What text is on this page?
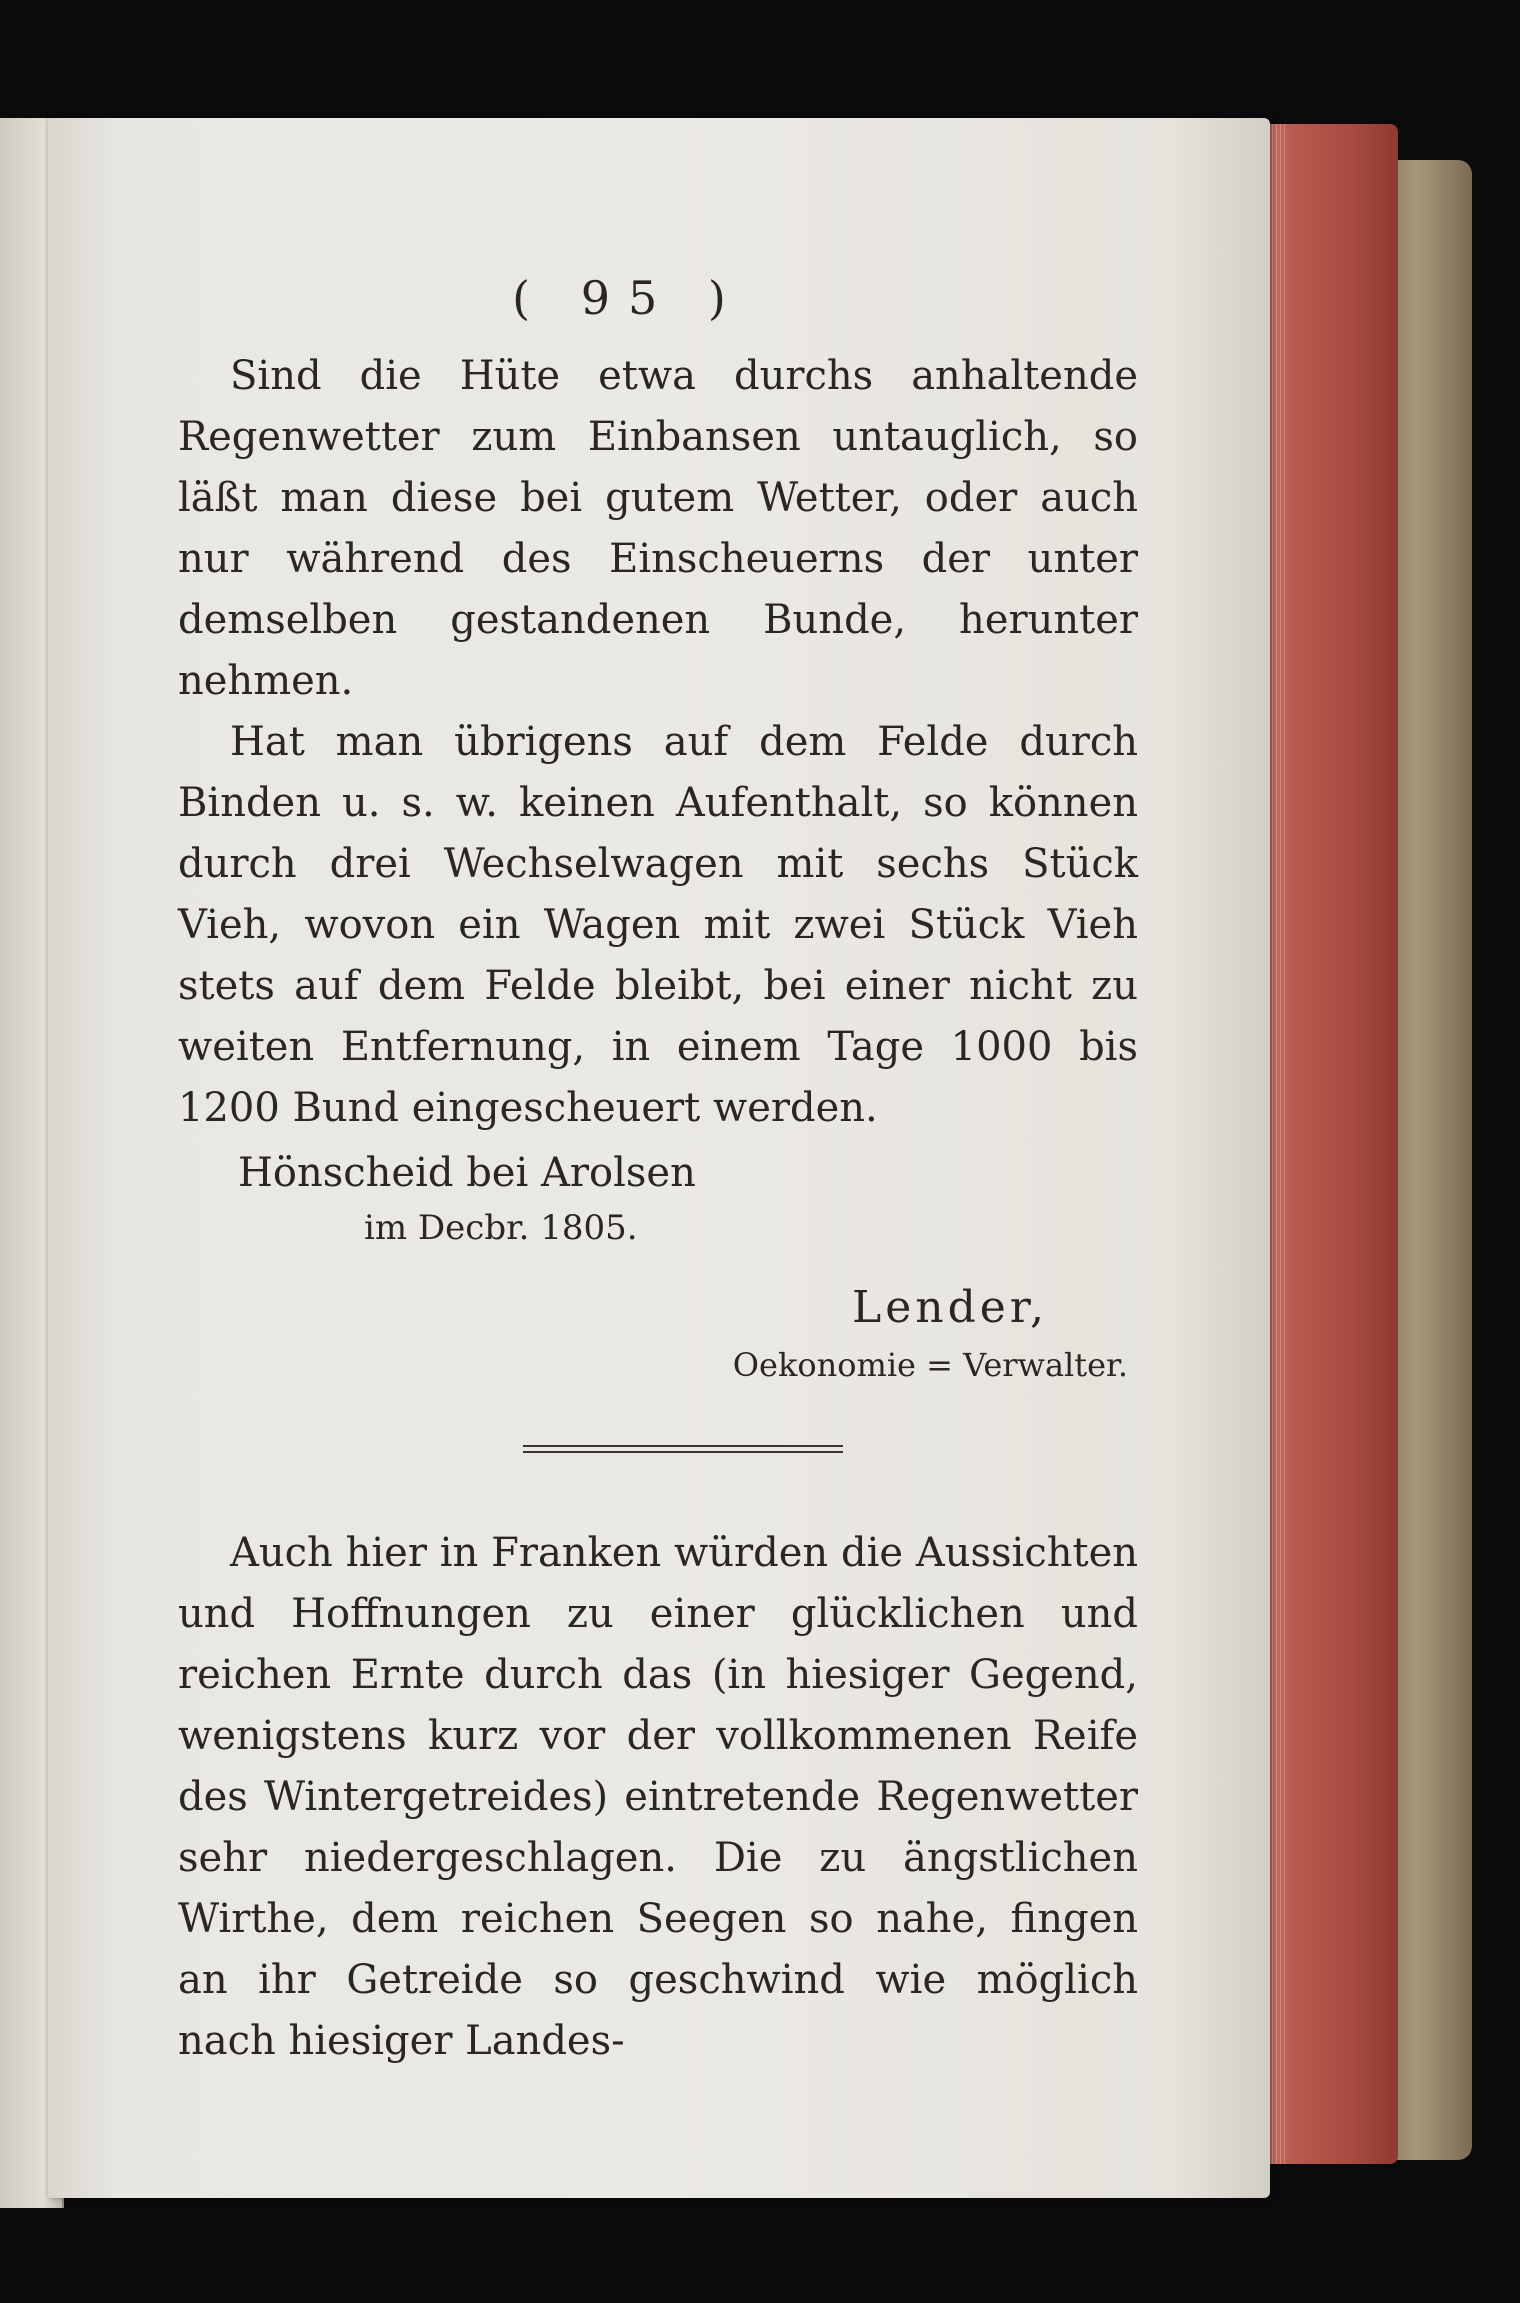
( 95 )

Sind die Hüte etwa durchs anhaltende Regenwetter zum Einbansen untauglich, so läßt man diese bei gutem Wetter, oder auch nur während des Einscheuerns der unter demselben gestandenen Bunde, herunter nehmen.

Hat man übrigens auf dem Felde durch Binden u. s. w. keinen Aufenthalt, so können durch drei Wechselwagen mit sechs Stück Vieh, wovon ein Wagen mit zwei Stück Vieh stets auf dem Felde bleibt, bei einer nicht zu weiten Entfernung, in einem Tage 1000 bis 1200 Bund eingescheuert werden.

Hönscheid bei Arolsen
im Decbr. 1805.
Lender,
Oekonomie = Verwalter.

Auch hier in Franken würden die Aussichten und Hoffnungen zu einer glücklichen und reichen Ernte durch das (in hiesiger Gegend, wenigstens kurz vor der vollkommenen Reife des Wintergetreides) eintretende Regenwetter sehr niedergeschlagen. Die zu ängstlichen Wirthe, dem reichen Seegen so nahe, fingen an ihr Getreide so geschwind wie möglich nach hiesiger Landes-
